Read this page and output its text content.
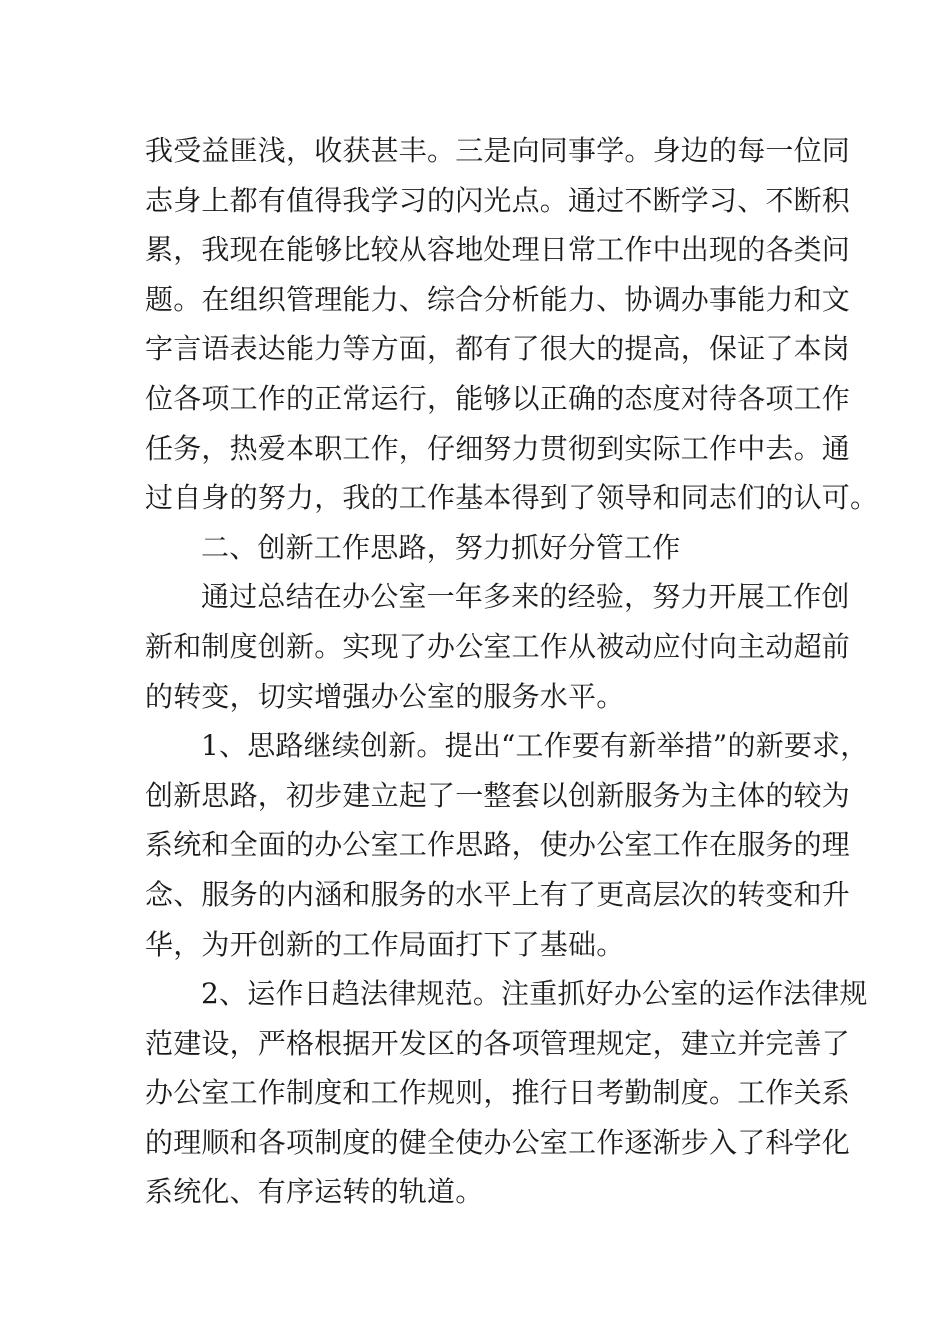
我受益匪浅，收获甚丰。三是向同事学。身边的每一位同
志身上都有值得我学习的闪光点。通过不断学习、不断积
累，我现在能够比较从容地处理日常工作中出现的各类问
题。在组织管理能力、综合分析能力、协调办事能力和文
字言语表达能力等方面，都有了很大的提高，保证了本岗
位各项工作的正常运行，能够以正确的态度对待各项工作
任务，热爱本职工作，仔细努力贯彻到实际工作中去。通
过自身的努力，我的工作基本得到了领导和同志们的认可。
二、创新工作思路，努力抓好分管工作
通过总结在办公室一年多来的经验，努力开展工作创
新和制度创新。实现了办公室工作从被动应付向主动超前
的转变，切实增强办公室的服务水平。
1、思路继续创新。提出“工作要有新举措”的新要求，
创新思路，初步建立起了一整套以创新服务为主体的较为
系统和全面的办公室工作思路，使办公室工作在服务的理
念、服务的内涵和服务的水平上有了更高层次的转变和升
华，为开创新的工作局面打下了基础。
2、运作日趋法律规范。注重抓好办公室的运作法律规
范建设，严格根据开发区的各项管理规定，建立并完善了
办公室工作制度和工作规则，推行日考勤制度。工作关系
的理顺和各项制度的健全使办公室工作逐渐步入了科学化
系统化、有序运转的轨道。
